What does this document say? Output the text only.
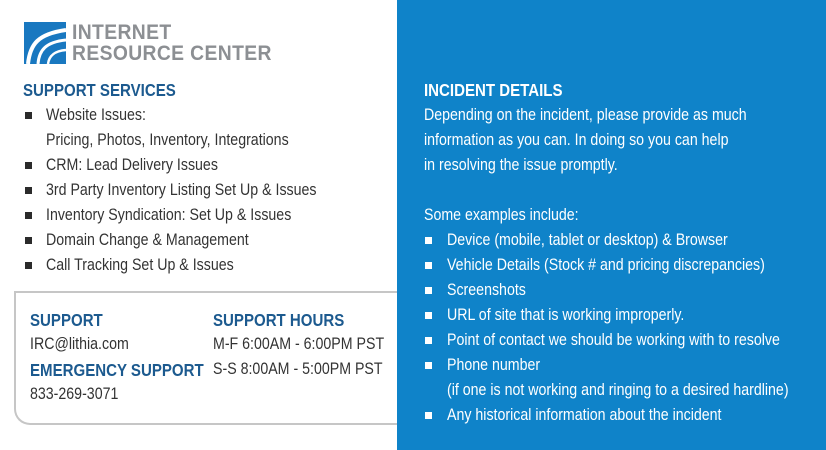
INTERNET
RESOURCE CENTER
SUPPORT SERVICES
Website Issues:
Pricing, Photos, Inventory, Integrations
CRM: Lead Delivery Issues
3rd Party Inventory Listing Set Up & Issues
Inventory Syndication: Set Up & Issues
Domain Change & Management
Call Tracking Set Up & Issues
SUPPORT
IRC@lithia.com
EMERGENCY SUPPORT
833-269-3071
SUPPORT HOURS
M-F 6:00AM - 6:00PM PST
S-S 8:00AM - 5:00PM PST
INCIDENT DETAILS
Depending on the incident, please provide as much
information as you can. In doing so you can help
in resolving the issue promptly.
Some examples include:
Device (mobile, tablet or desktop) & Browser
Vehicle Details (Stock # and pricing discrepancies)
Screenshots
URL of site that is working improperly.
Point of contact we should be working with to resolve
Phone number
(if one is not working and ringing to a desired hardline)
Any historical information about the incident
